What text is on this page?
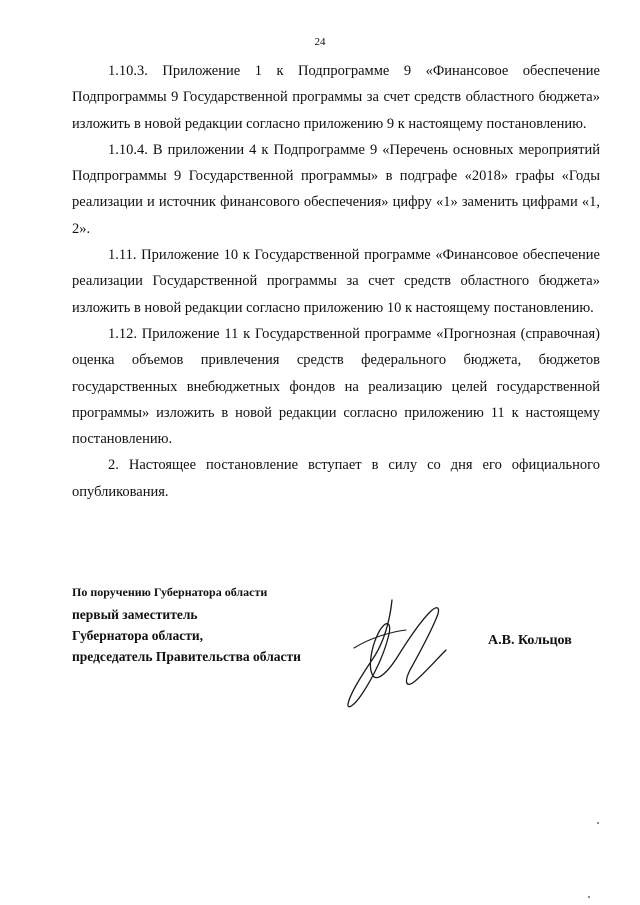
24

1.10.3. Приложение 1 к Подпрограмме 9 «Финансовое обеспечение Подпрограммы 9 Государственной программы за счет средств областного бюджета» изложить в новой редакции согласно приложению 9 к настоящему постановлению.

1.10.4. В приложении 4 к Подпрограмме 9 «Перечень основных мероприятий Подпрограммы 9 Государственной программы» в подграфе «2018» графы «Годы реализации и источник финансового обеспечения» цифру «1» заменить цифрами «1, 2».

1.11. Приложение 10 к Государственной программе «Финансовое обеспечение реализации Государственной программы за счет средств областного бюджета» изложить в новой редакции согласно приложению 10 к настоящему постановлению.

1.12. Приложение 11 к Государственной программе «Прогнозная (справочная) оценка объемов привлечения средств федерального бюджета, бюджетов государственных внебюджетных фондов на реализацию целей государственной программы» изложить в новой редакции согласно приложению 11 к настоящему постановлению.

2. Настоящее постановление вступает в силу со дня его официального опубликования.

По поручению Губернатора области
первый заместитель
Губернатора области,
председатель Правительства области
А.В. Кольцов
